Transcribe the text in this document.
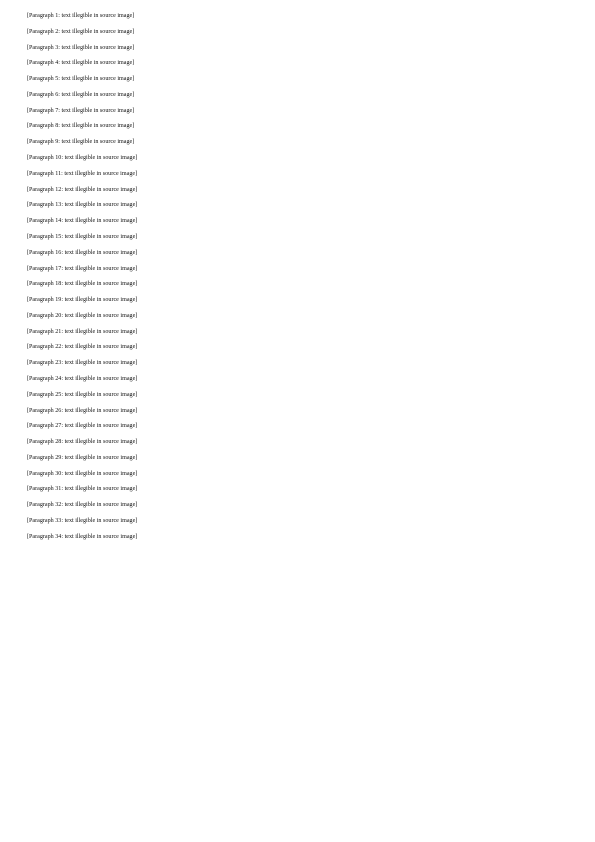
[Paragraph 1: text illegible in source image]

[Paragraph 2: text illegible in source image]

[Paragraph 3: text illegible in source image]

[Paragraph 4: text illegible in source image]

[Paragraph 5: text illegible in source image]

[Paragraph 6: text illegible in source image]

[Paragraph 7: text illegible in source image]

[Paragraph 8: text illegible in source image]

[Paragraph 9: text illegible in source image]

[Paragraph 10: text illegible in source image]

[Paragraph 11: text illegible in source image]

[Paragraph 12: text illegible in source image]

[Paragraph 13: text illegible in source image]

[Paragraph 14: text illegible in source image]

[Paragraph 15: text illegible in source image]

[Paragraph 16: text illegible in source image]

[Paragraph 17: text illegible in source image]

[Paragraph 18: text illegible in source image]

[Paragraph 19: text illegible in source image]

[Paragraph 20: text illegible in source image]

[Paragraph 21: text illegible in source image]

[Paragraph 22: text illegible in source image]

[Paragraph 23: text illegible in source image]

[Paragraph 24: text illegible in source image]

[Paragraph 25: text illegible in source image]

[Paragraph 26: text illegible in source image]

[Paragraph 27: text illegible in source image]

[Paragraph 28: text illegible in source image]

[Paragraph 29: text illegible in source image]

[Paragraph 30: text illegible in source image]

[Paragraph 31: text illegible in source image]

[Paragraph 32: text illegible in source image]

[Paragraph 33: text illegible in source image]

[Paragraph 34: text illegible in source image]
